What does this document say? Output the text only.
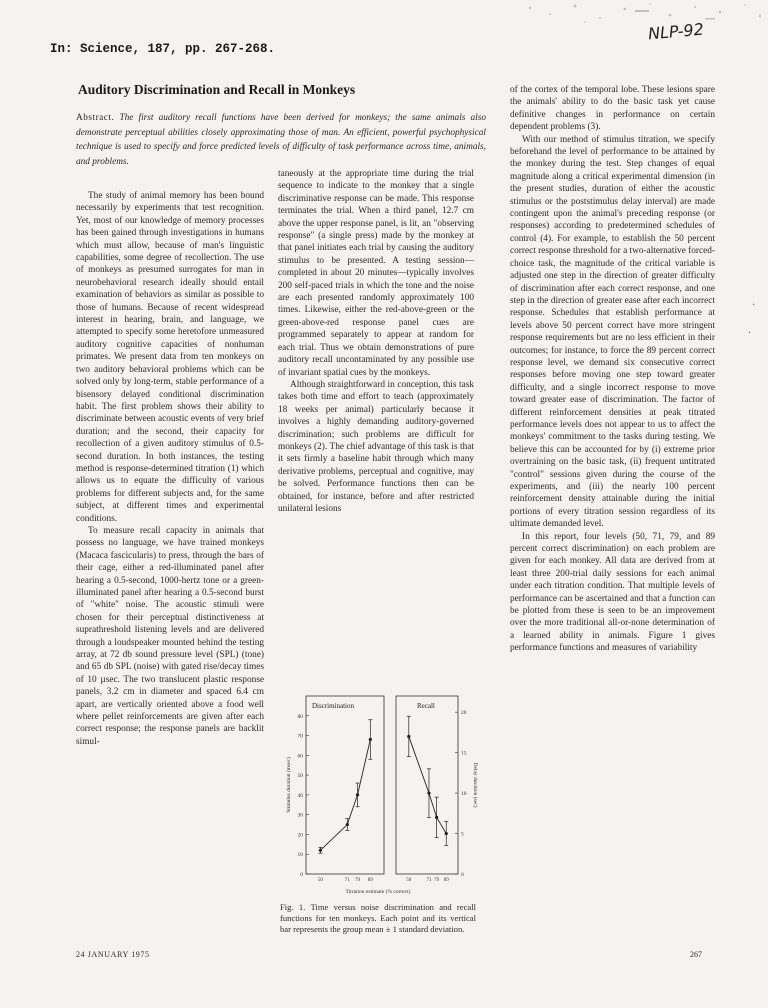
In: Science, 187, pp. 267-268.
NLP-92
Auditory Discrimination and Recall in Monkeys
Abstract. The first auditory recall functions have been derived for monkeys; the same animals also demonstrate perceptual abilities closely approximating those of man. An efficient, powerful psychophysical technique is used to specify and force predicted levels of difficulty of task performance across time, animals, and problems.

The study of animal memory has been bound necessarily by experiments that test recognition. Yet, most of our knowledge of memory processes has been gained through investigations in humans which must allow, because of man's linguistic capabilities, some degree of recollection. The use of monkeys as presumed surrogates for man in neurobehavioral research ideally should entail examination of behaviors as similar as possible to those of humans. Because of recent widespread interest in hearing, brain, and language, we attempted to specify some heretofore unmeasured auditory cognitive capacities of nonhuman primates. We present data from ten monkeys on two auditory behavioral problems which can be solved only by long-term, stable performance of a bisensory delayed conditional discrimination habit. The first problem shows their ability to discriminate between acoustic events of very brief duration; and the second, their capacity for recollection of a given auditory stimulus of 0.5-second duration. In both instances, the testing method is response-determined titration (1) which allows us to equate the difficulty of various problems for different subjects and, for the same subject, at different times and experimental conditions.

To measure recall capacity in animals that possess no language, we have trained monkeys (Macaca fascicularis) to press, through the bars of their cage, either a red-illuminated panel after hearing a 0.5-second, 1000-hertz tone or a green-illuminated panel after hearing a 0.5-second burst of "white" noise. The acoustic stimuli were chosen for their perceptual distinctiveness at suprathreshold listening levels and are delivered through a loudspeaker mounted behind the testing array, at 72 db sound pressure level (SPL) (tone) and 65 db SPL (noise) with gated rise/decay times of 10 µsec. The two translucent plastic response panels, 3.2 cm in diameter and spaced 6.4 cm apart, are vertically oriented above a food well where pellet reinforcements are given after each correct response; the response panels are backlit simul-

taneously at the appropriate time during the trial sequence to indicate to the monkey that a single discriminative response can be made. This response terminates the trial. When a third panel, 12.7 cm above the upper response panel, is lit, an "observing response" (a single press) made by the monkey at that panel initiates each trial by causing the auditory stimulus to be presented. A testing session—completed in about 20 minutes—typically involves 200 self-paced trials in which the tone and the noise are each presented randomly approximately 100 times. Likewise, either the red-above-green or the green-above-red response panel cues are programmed separately to appear at random for each trial. Thus we obtain demonstrations of pure auditory recall uncontaminated by any possible use of invariant spatial cues by the monkeys.

Although straightforward in conception, this task takes both time and effort to teach (approximately 18 weeks per animal) particularly because it involves a highly demanding auditory-governed discrimination; such problems are difficult for monkeys (2). The chief advantage of this task is that it sets firmly a baseline habit through which many derivative problems, perceptual and cognitive, may be solved. Performance functions then can be obtained, for instance, before and after restricted unilateral lesions

of the cortex of the temporal lobe. These lesions spare the animals' ability to do the basic task yet cause definitive changes in performance on certain dependent problems (3).

With our method of stimulus titration, we specify beforehand the level of performance to be attained by the monkey during the test. Step changes of equal magnitude along a critical experimental dimension (in the present studies, duration of either the acoustic stimulus or the poststimulus delay interval) are made contingent upon the animal's preceding response (or responses) according to predetermined schedules of control (4). For example, to establish the 50 percent correct response threshold for a two-alternative forced-choice task, the magnitude of the critical variable is adjusted one step in the direction of greater difficulty of discrimination after each correct response, and one step in the direction of greater ease after each incorrect response. Schedules that establish performance at levels above 50 percent correct have more stringent response requirements but are no less efficient in their outcomes; for instance, to force the 89 percent correct response level, we demand six consecutive correct responses before moving one step toward greater difficulty, and a single incorrect response to move toward greater ease of discrimination. The factor of different reinforcement densities at peak titrated performance levels does not appear to us to affect the monkeys' commitment to the tasks during testing. We believe this can be accounted for by (i) extreme prior overtraining on the basic task, (ii) frequent untitrated "control" sessions given during the course of the experiments, and (iii) the nearly 100 percent reinforcement density attainable during the initial portions of every titration session regardless of its ultimate demanded level.

In this report, four levels (50, 71, 79, and 89 percent correct discrimination) on each problem are given for each monkey. All data are derived from at least three 200-trial daily sessions for each animal under each titration condition. That multiple levels of performance can be ascertained and that a function can be plotted from these is seen to be an improvement over the more traditional all-or-none determination of a learned ability in animals. Figure 1 gives performance functions and measures of variability

Discrimination
0
10
20
30
40
50
60
70
80
50	71 79 89
Stimulus duration (msec)
Recall
0
5
10
15
20
50	71 79 89
Delay duration (sec)
Titration estimate (% correct)
Fig. 1. Time versus noise discrimination and recall functions for ten monkeys. Each point and its vertical bar represents the group mean ± 1 standard deviation.
24 JANUARY 1975	267
·
·
